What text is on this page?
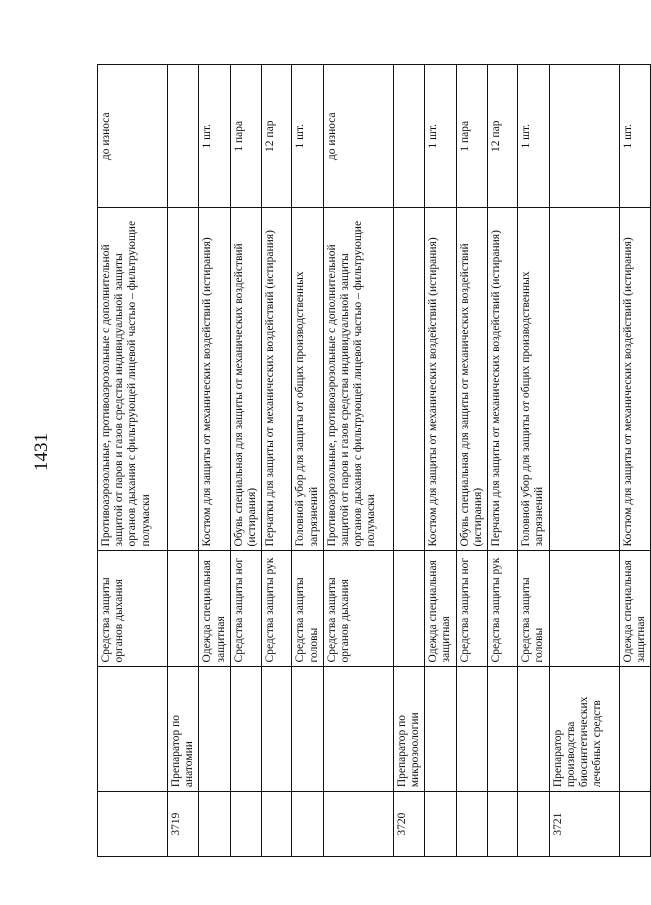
1431
		Средства защиты органов дыхания	Противоаэрозольные, противоаэрозольные с дополнительной защитой от паров и газов средства индивидуальной защиты органов дыхания с фильтрующей лицевой частью – фильтрующие полумаски	до износа
3719	Препаратор по анатомии			
		Одежда специальная защитная	Костюм для защиты от механических воздействий (истирания)	1 шт.
		Средства защиты ног	Обувь специальная для защиты от механических воздействий (истирания)	1 пара
		Средства защиты рук	Перчатки для защиты от механических воздействий (истирания)	12 пар
		Средства защиты головы	Головной убор для защиты от общих производственных загрязнений	1 шт.
		Средства защиты органов дыхания	Противоаэрозольные, противоаэрозольные с дополнительной защитой от паров и газов средства индивидуальной защиты органов дыхания с фильтрующей лицевой частью – фильтрующие полумаски	до износа
3720	Препаратор по микрозоологии			
		Одежда специальная защитная	Костюм для защиты от механических воздействий (истирания)	1 шт.
		Средства защиты ног	Обувь специальная для защиты от механических воздействий (истирания)	1 пара
		Средства защиты рук	Перчатки для защиты от механических воздействий (истирания)	12 пар
		Средства защиты головы	Головной убор для защиты от общих производственных загрязнений	1 шт.
3721	Препаратор производства биосинтетических лечебных средств			
		Одежда специальная защитная	Костюм для защиты от механических воздействий (истирания)	1 шт.
